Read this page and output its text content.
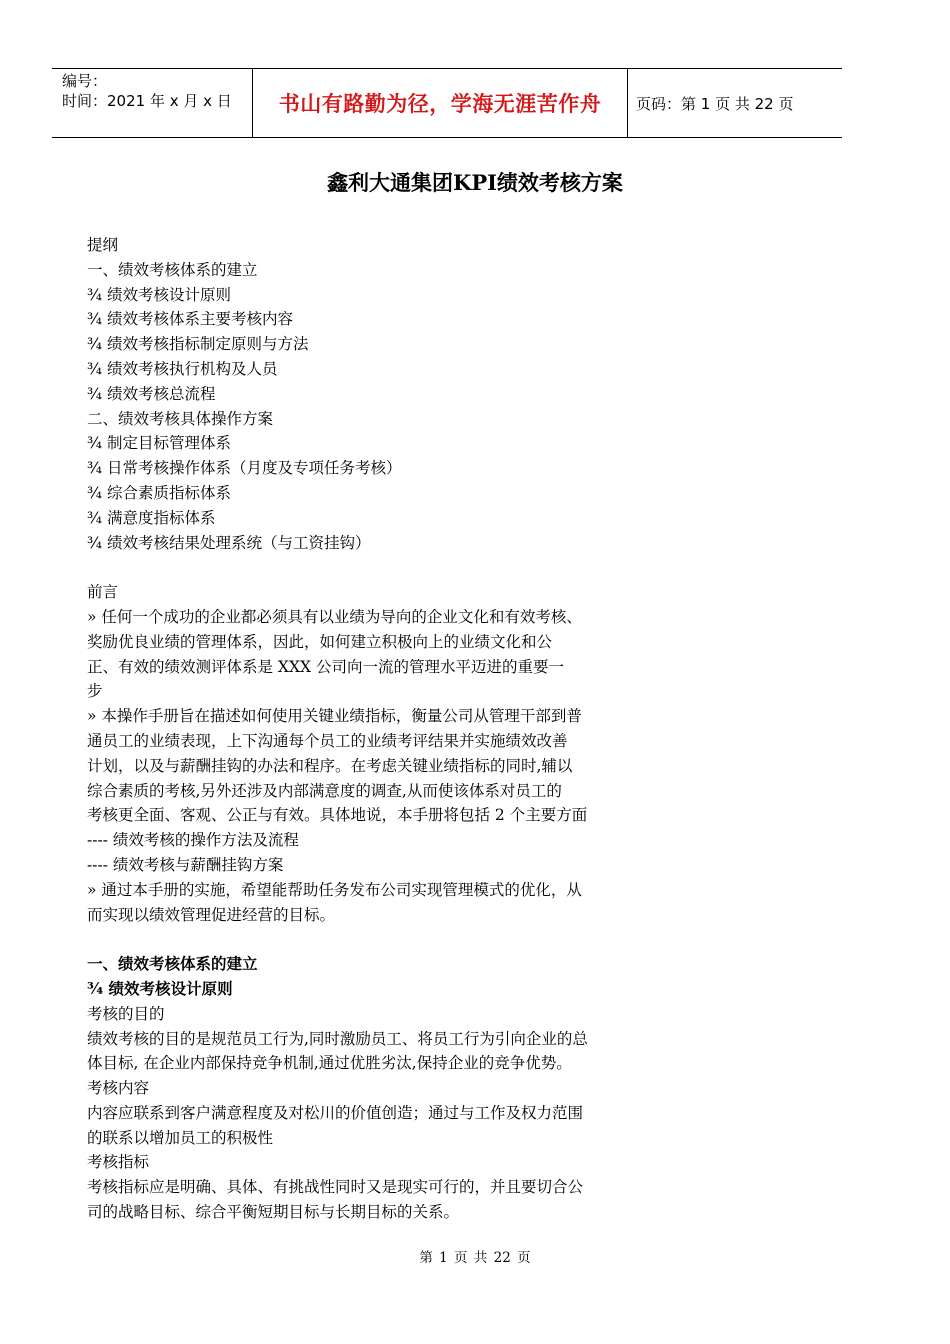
编号：
时间：2021 年 x 月 x 日 书山有路勤为径，学海无涯苦作舟 页码：第 1 页 共 22 页
鑫利大通集团KPI绩效考核方案
提纲
一、绩效考核体系的建立
¾ 绩效考核设计原则
¾ 绩效考核体系主要考核内容
¾ 绩效考核指标制定原则与方法
¾ 绩效考核执行机构及人员
¾ 绩效考核总流程
二、绩效考核具体操作方案
¾ 制定目标管理体系
¾ 日常考核操作体系（月度及专项任务考核）
¾ 综合素质指标体系
¾ 满意度指标体系
¾ 绩效考核结果处理系统（与工资挂钩）
前言
» 任何一个成功的企业都必须具有以业绩为导向的企业文化和有效考核、
奖励优良业绩的管理体系，因此，如何建立积极向上的业绩文化和公
正、有效的绩效测评体系是 XXX 公司向一流的管理水平迈进的重要一
步
» 本操作手册旨在描述如何使用关键业绩指标，衡量公司从管理干部到普
通员工的业绩表现，上下沟通每个员工的业绩考评结果并实施绩效改善
计划，以及与薪酬挂钩的办法和程序。在考虑关键业绩指标的同时,辅以
综合素质的考核,另外还涉及内部满意度的调查,从而使该体系对员工的
考核更全面、客观、公正与有效。具体地说，本手册将包括 2 个主要方面
---- 绩效考核的操作方法及流程
---- 绩效考核与薪酬挂钩方案
» 通过本手册的实施，希望能帮助任务发布公司实现管理模式的优化，从
而实现以绩效管理促进经营的目标。
一、绩效考核体系的建立
¾ 绩效考核设计原则
考核的目的
绩效考核的目的是规范员工行为,同时激励员工、将员工行为引向企业的总
体目标, 在企业内部保持竞争机制,通过优胜劣汰,保持企业的竞争优势。
考核内容
内容应联系到客户满意程度及对松川的价值创造；通过与工作及权力范围
的联系以增加员工的积极性
考核指标
考核指标应是明确、具体、有挑战性同时又是现实可行的，并且要切合公
司的战略目标、综合平衡短期目标与长期目标的关系。
第 1 页 共 22 页
